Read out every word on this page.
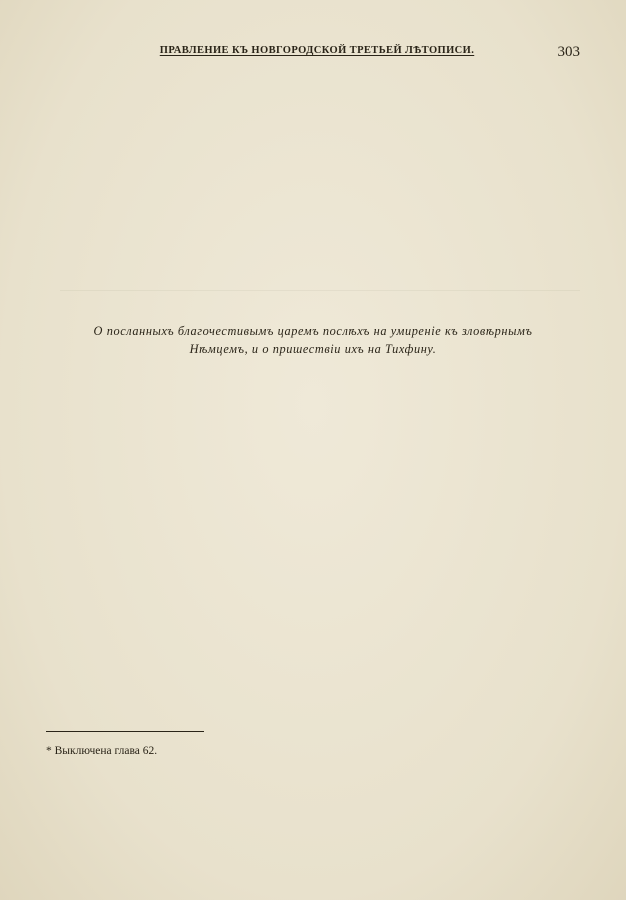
ПРАВЛЕНИЕ КЪ НОВГОРОДСКОЙ ТРЕТЬЕЙ ЛѢТОПИСИ.	303
О посланныхъ благочестивымъ царемъ послѣхъ на умиреніе къ зловѣрнымъ
Нѣмцемъ, и о пришествіи ихъ на Тихфину.
* Выключена глава 62.
